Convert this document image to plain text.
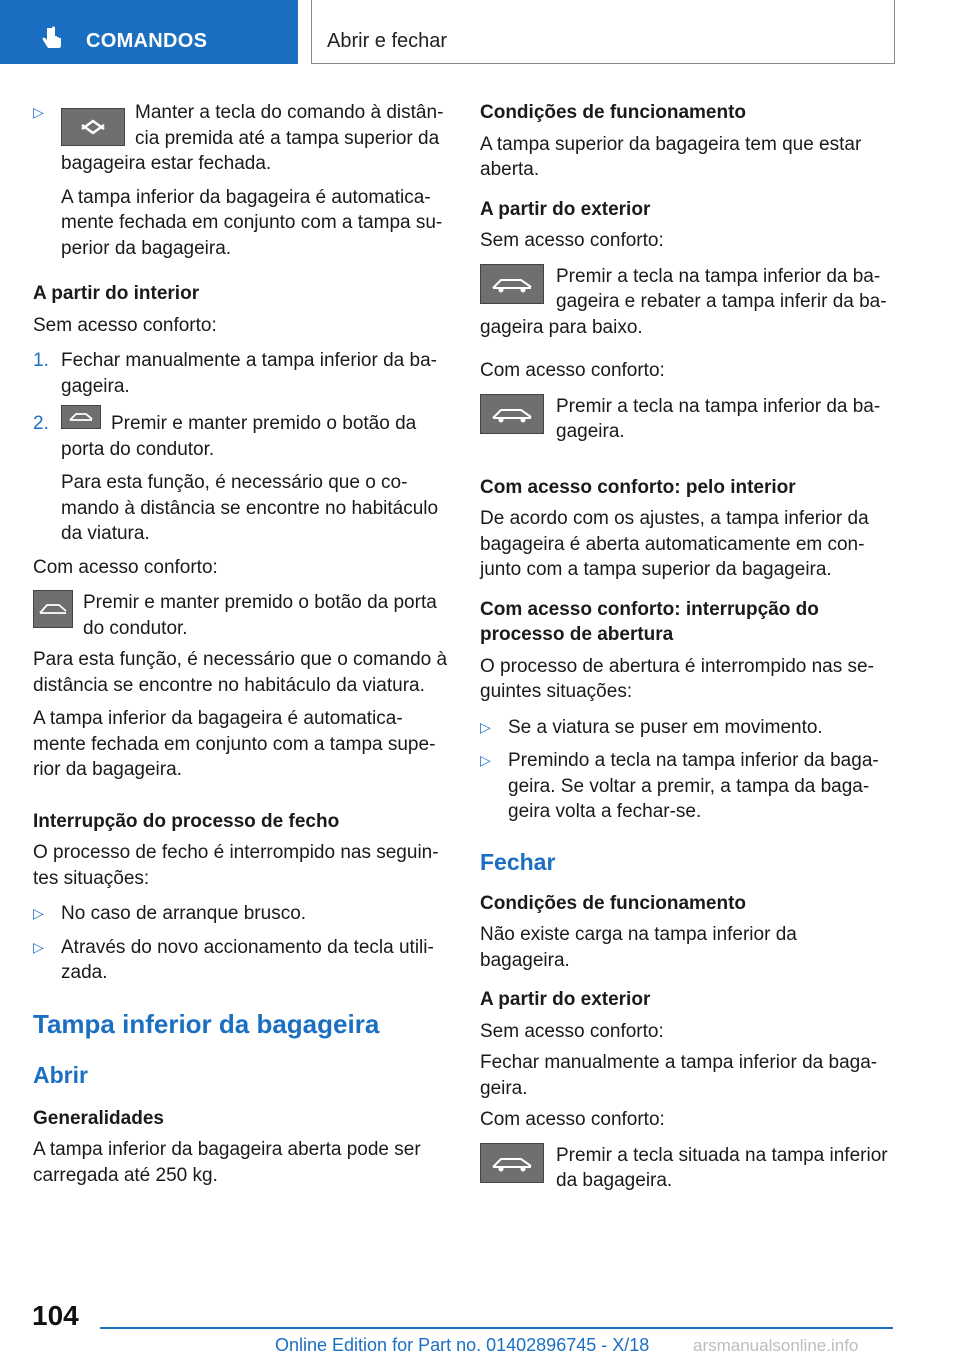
COMANDOS	Abrir e fechar
▷	Manter a tecla do comando à distân- cia premida até a tampa superior da bagageira estar fechada.

A tampa inferior da bagageira é automatica- mente fechada em conjunto com a tampa su- perior da bagageira.

A partir do interior

Sem acesso conforto:

1. Fechar manualmente a tampa inferior da ba- gageira.

2.	Premir e manter premido o botão da porta do condutor.

Para esta função, é necessário que o co- mando à distância se encontre no habitáculo da viatura.

Com acesso conforto:

Premir e manter premido o botão da porta do condutor.

Para esta função, é necessário que o comando à distância se encontre no habitáculo da viatura.

A tampa inferior da bagageira é automatica- mente fechada em conjunto com a tampa supe- rior da bagageira.

Interrupção do processo de fecho

O processo de fecho é interrompido nas seguin- tes situações:

▷ No caso de arranque brusco.

▷ Através do novo accionamento da tecla utili- zada.

Tampa inferior da bagageira

Abrir

Generalidades

A tampa inferior da bagageira aberta pode ser carregada até 250 kg.

Condições de funcionamento

A tampa superior da bagageira tem que estar aberta.

A partir do exterior

Sem acesso conforto:

Premir a tecla na tampa inferior da ba- gageira e rebater a tampa inferir da ba- gageira para baixo.

Com acesso conforto:

Premir a tecla na tampa inferior da ba- gageira.

Com acesso conforto: pelo interior

De acordo com os ajustes, a tampa inferior da bagageira é aberta automaticamente em con- junto com a tampa superior da bagageira.

Com acesso conforto: interrupção do processo de abertura

O processo de abertura é interrompido nas se- guintes situações:

▷ Se a viatura se puser em movimento.

▷ Premindo a tecla na tampa inferior da baga- geira. Se voltar a premir, a tampa da baga- geira volta a fechar-se.

Fechar

Condições de funcionamento

Não existe carga na tampa inferior da bagageira.

A partir do exterior

Sem acesso conforto:

Fechar manualmente a tampa inferior da baga- geira.

Com acesso conforto:

Premir a tecla situada na tampa inferior da bagageira.

104
Online Edition for Part no. 01402896745 - X/18	arsmanualsonline.info
